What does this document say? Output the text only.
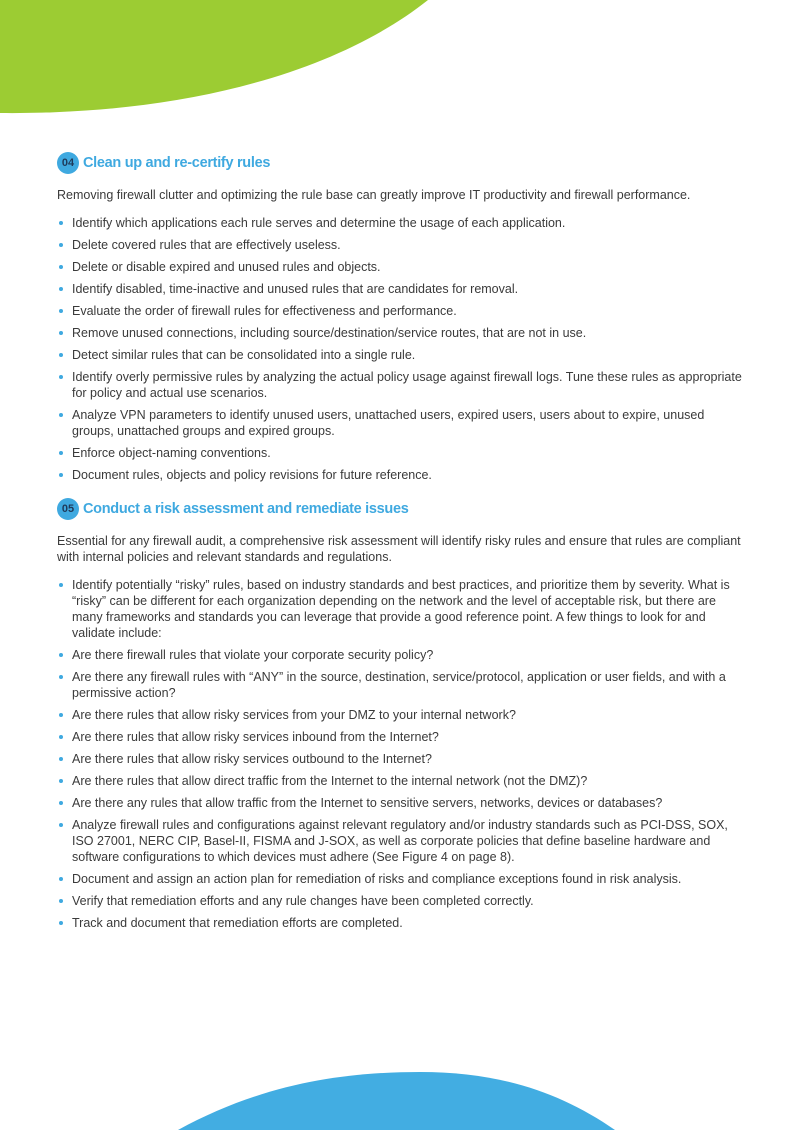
04 Clean up and re-certify rules

Removing firewall clutter and optimizing the rule base can greatly improve IT productivity and firewall performance.

Identify which applications each rule serves and determine the usage of each application.
Delete covered rules that are effectively useless.
Delete or disable expired and unused rules and objects.
Identify disabled, time-inactive and unused rules that are candidates for removal.
Evaluate the order of firewall rules for effectiveness and performance.
Remove unused connections, including source/destination/service routes, that are not in use.
Detect similar rules that can be consolidated into a single rule.
Identify overly permissive rules by analyzing the actual policy usage against firewall logs. Tune these rules as appropriate for policy and actual use scenarios.
Analyze VPN parameters to identify unused users, unattached users, expired users, users about to expire, unused groups, unattached groups and expired groups.
Enforce object-naming conventions.
Document rules, objects and policy revisions for future reference.
05 Conduct a risk assessment and remediate issues

Essential for any firewall audit, a comprehensive risk assessment will identify risky rules and ensure that rules are compliant with internal policies and relevant standards and regulations.

Identify potentially “risky” rules, based on industry standards and best practices, and prioritize them by severity. What is “risky” can be different for each organization depending on the network and the level of acceptable risk, but there are many frameworks and standards you can leverage that provide a good reference point. A few things to look for and validate include:
Are there firewall rules that violate your corporate security policy?
Are there any firewall rules with “ANY” in the source, destination, service/protocol, application or user fields, and with a permissive action?
Are there rules that allow risky services from your DMZ to your internal network?
Are there rules that allow risky services inbound from the Internet?
Are there rules that allow risky services outbound to the Internet?
Are there rules that allow direct traffic from the Internet to the internal network (not the DMZ)?
Are there any rules that allow traffic from the Internet to sensitive servers, networks, devices or databases?
Analyze firewall rules and configurations against relevant regulatory and/or industry standards such as PCI-DSS, SOX, ISO 27001, NERC CIP, Basel-II, FISMA and J-SOX, as well as corporate policies that define baseline hardware and software configurations to which devices must adhere (See Figure 4 on page 8).
Document and assign an action plan for remediation of risks and compliance exceptions found in risk analysis.
Verify that remediation efforts and any rule changes have been completed correctly.
Track and document that remediation efforts are completed.
